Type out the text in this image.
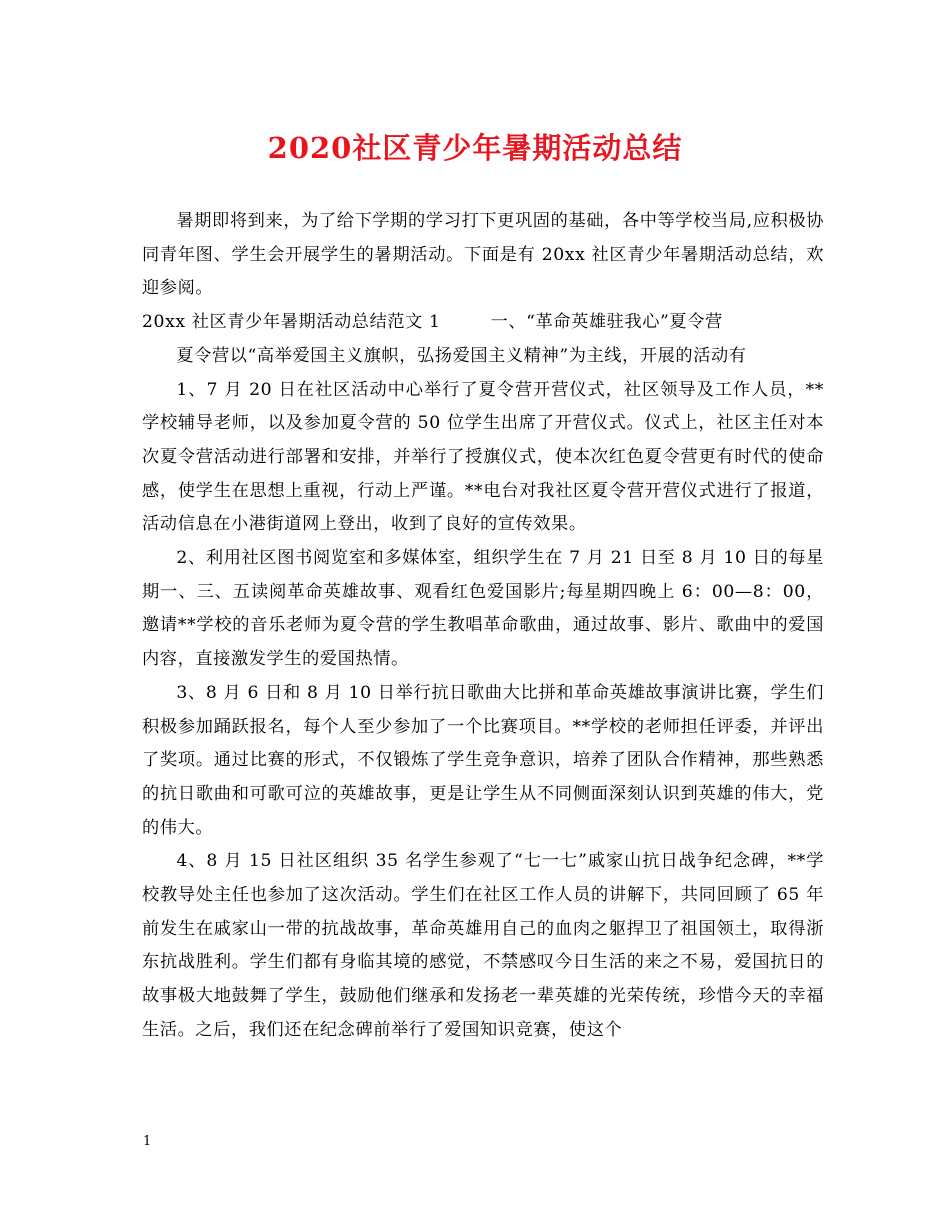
2020社区青少年暑期活动总结

暑期即将到来，为了给下学期的学习打下更巩固的基础，各中等学校当局,应积极协同青年图、学生会开展学生的暑期活动。下面是有 20xx 社区青少年暑期活动总结，欢迎参阅。

20xx 社区青少年暑期活动总结范文 1	一、“革命英雄驻我心”夏令营

夏令营以“高举爱国主义旗帜，弘扬爱国主义精神”为主线，开展的活动有

1、7 月 20 日在社区活动中心举行了夏令营开营仪式，社区领导及工作人员，**学校辅导老师，以及参加夏令营的 50 位学生出席了开营仪式。仪式上，社区主任对本次夏令营活动进行部署和安排，并举行了授旗仪式，使本次红色夏令营更有时代的使命感，使学生在思想上重视，行动上严谨。**电台对我社区夏令营开营仪式进行了报道，活动信息在小港街道网上登出，收到了良好的宣传效果。

2、利用社区图书阅览室和多媒体室，组织学生在 7 月 21 日至 8 月 10 日的每星期一、三、五读阅革命英雄故事、观看红色爱国影片;每星期四晚上 6：00—8：00，邀请**学校的音乐老师为夏令营的学生教唱革命歌曲，通过故事、影片、歌曲中的爱国内容，直接激发学生的爱国热情。

3、8 月 6 日和 8 月 10 日举行抗日歌曲大比拼和革命英雄故事演讲比赛，学生们积极参加踊跃报名，每个人至少参加了一个比赛项目。**学校的老师担任评委，并评出了奖项。通过比赛的形式，不仅锻炼了学生竞争意识，培养了团队合作精神，那些熟悉的抗日歌曲和可歌可泣的英雄故事，更是让学生从不同侧面深刻认识到英雄的伟大，党的伟大。

4、8 月 15 日社区组织 35 名学生参观了“七一七”戚家山抗日战争纪念碑，**学校教导处主任也参加了这次活动。学生们在社区工作人员的讲解下，共同回顾了 65 年前发生在戚家山一带的抗战故事，革命英雄用自己的血肉之躯捍卫了祖国领土，取得浙东抗战胜利。学生们都有身临其境的感觉，不禁感叹今日生活的来之不易，爱国抗日的故事极大地鼓舞了学生，鼓励他们继承和发扬老一辈英雄的光荣传统，珍惜今天的幸福生活。之后，我们还在纪念碑前举行了爱国知识竞赛，使这个

1
